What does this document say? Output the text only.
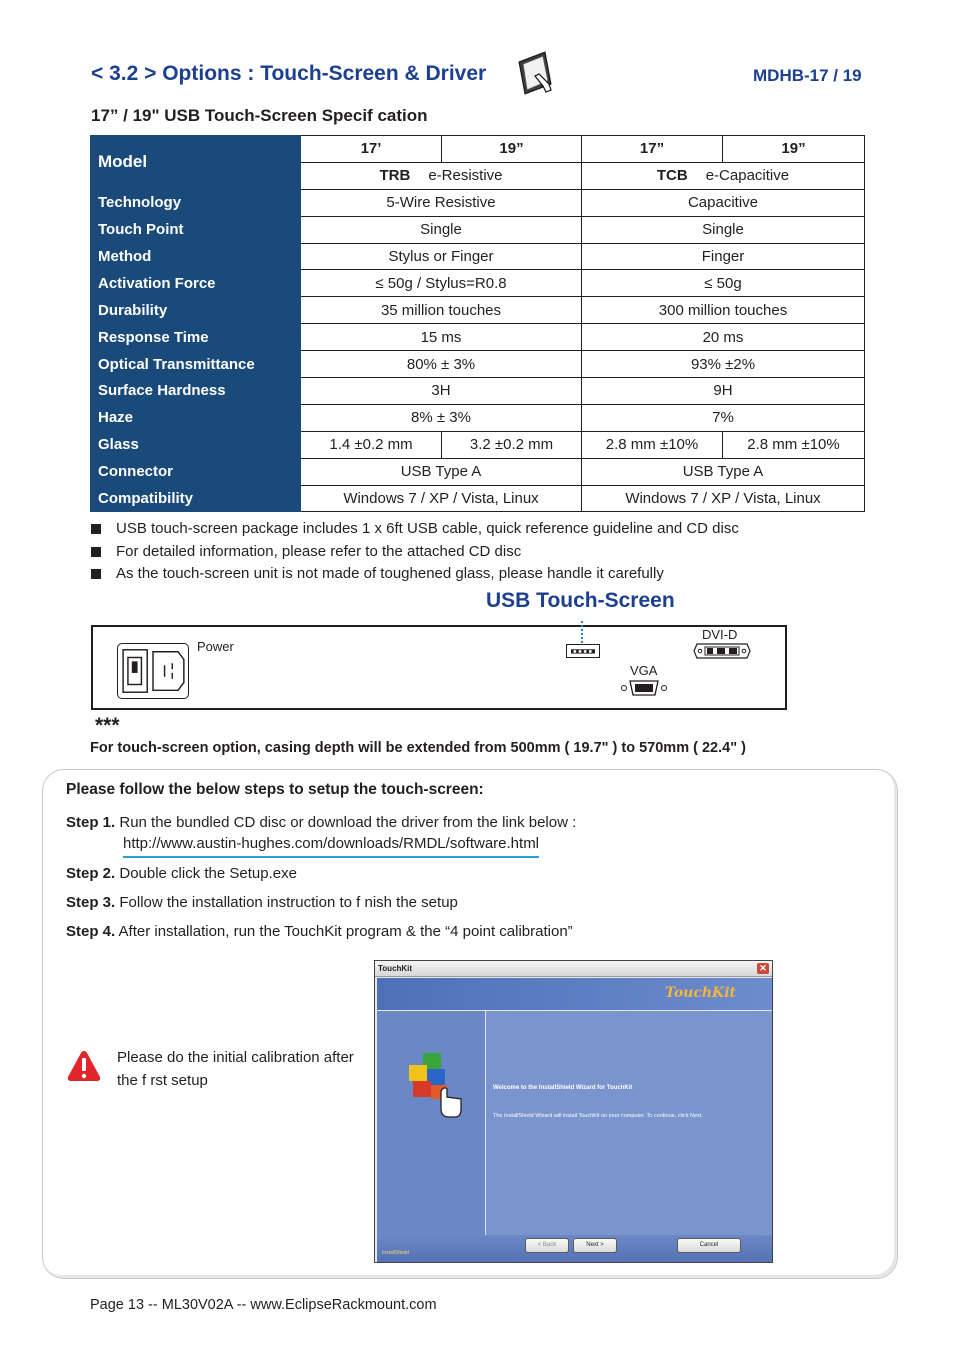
< 3.2 > Options : Touch-Screen & Driver	MDHB-17 / 19
17” / 19" USB Touch-Screen Specif cation
Model	17’	19”	17”	19”
	TRB e-Resistive		TCB e-Capacitive	
Technology	5-Wire Resistive		Capacitive	
Touch Point	Single		Single	
Method	Stylus or Finger		Finger	
Activation Force	≤ 50g / Stylus=R0.8		≤ 50g	
Durability	35 million touches		300 million touches	
Response Time	15 ms		20 ms	
Optical Transmittance	80% ± 3%		93% ±2%	
Surface Hardness	3H		9H	
Haze	8% ± 3%		7%	
Glass	1.4 ±0.2 mm	3.2 ±0.2 mm	2.8 mm ±10%	2.8 mm ±10%
Connector	USB Type A		USB Type A	
Compatibility	Windows 7 / XP / Vista, Linux		Windows 7 / XP / Vista, Linux	
USB touch-screen package includes 1 x 6ft USB cable, quick reference guideline and CD disc
For detailed information, please refer to the attached CD disc
As the touch-screen unit is not made of toughened glass, please handle it carefully
USB Touch-Screen
Power
DVI-D
VGA
***
For touch-screen option, casing depth will be extended from 500mm ( 19.7" ) to 570mm ( 22.4" )
Please follow the below steps to setup the touch-screen:
Step 1. Run the bundled CD disc or download the driver from the link below :
http://www.austin-hughes.com/downloads/RMDL/software.html
Step 2. Double click the Setup.exe
Step 3. Follow the installation instruction to f nish the setup
Step 4. After installation, run the TouchKit program & the “4 point calibration”
Please do the initial calibration after the f rst setup
TouchKit	✕
TouchKit
Welcome to the InstallShield Wizard for TouchKit
The InstallShield Wizard will install TouchKit on your computer. To continue, click Next.
InstallShield
< Back	Next >	Cancel
Page 13 -- ML30V02A -- www.EclipseRackmount.com
